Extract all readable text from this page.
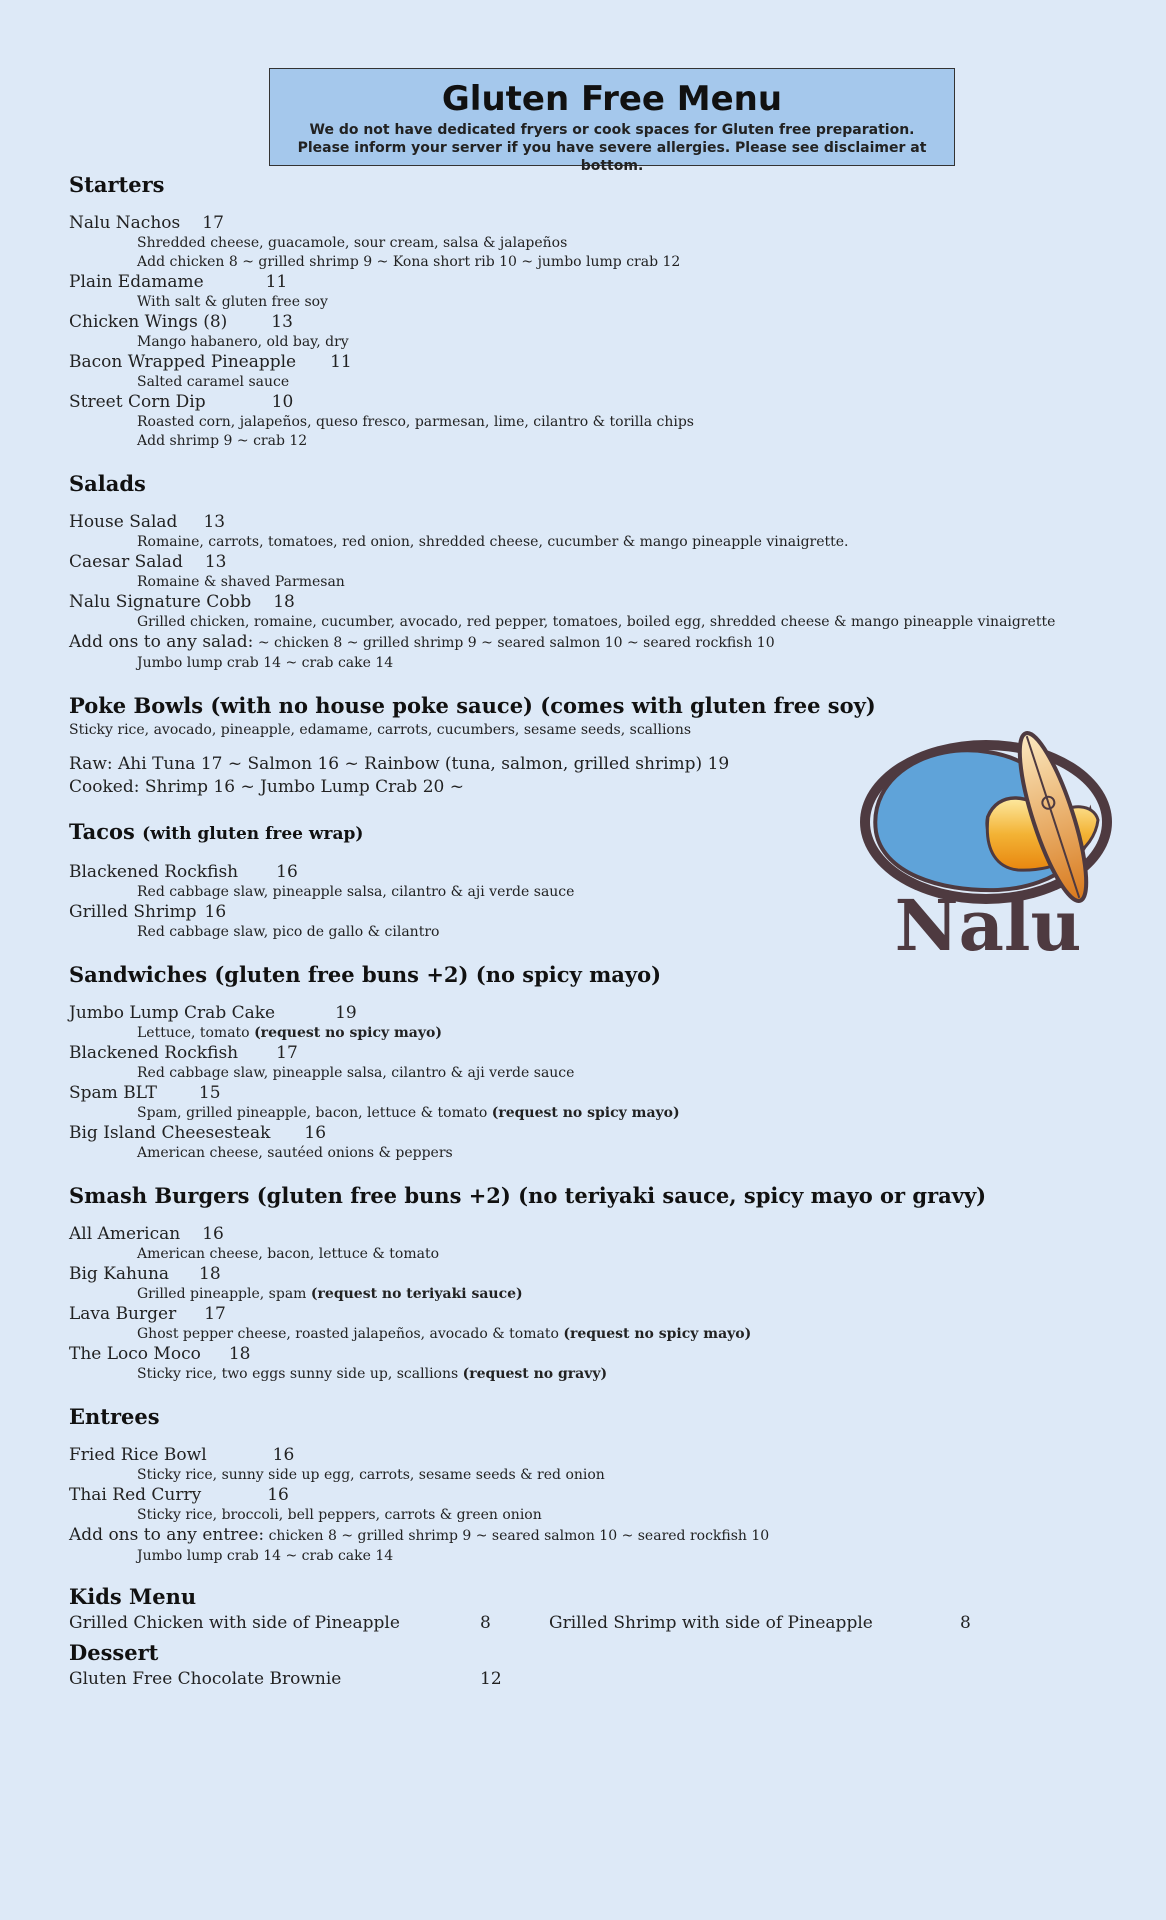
Gluten Free Menu
We do not have dedicated fryers or cook spaces for Gluten free preparation. Please inform your server if you have severe allergies. Please see disclaimer at bottom.
Starters
Nalu Nachos 17
Shredded cheese, guacamole, sour cream, salsa & jalapeños
Add chicken 8 ~ grilled shrimp 9 ~ Kona short rib 10 ~ jumbo lump crab 12
Plain Edamame	11
With salt & gluten free soy
Chicken Wings (8)	13
Mango habanero, old bay, dry
Bacon Wrapped Pineapple 11
Salted caramel sauce
Street Corn Dip	10
Roasted corn, jalapeños, queso fresco, parmesan, lime, cilantro & torilla chips
Add shrimp 9 ~ crab 12
Salads
House Salad 13
Romaine, carrots, tomatoes, red onion, shredded cheese, cucumber & mango pineapple vinaigrette.
Caesar Salad 13
Romaine & shaved Parmesan
Nalu Signature Cobb 18
Grilled chicken, romaine, cucumber, avocado, red pepper, tomatoes, boiled egg, shredded cheese & mango pineapple vinaigrette
Add ons to any salad: ~ chicken 8 ~ grilled shrimp 9 ~ seared salmon 10 ~ seared rockfish 10
Jumbo lump crab 14 ~ crab cake 14
Poke Bowls (with no house poke sauce) (comes with gluten free soy)
Sticky rice, avocado, pineapple, edamame, carrots, cucumbers, sesame seeds, scallions
Raw: Ahi Tuna 17 ~ Salmon 16 ~ Rainbow (tuna, salmon, grilled shrimp) 19
Cooked: Shrimp 16 ~ Jumbo Lump Crab 20 ~
Tacos (with gluten free wrap)
Blackened Rockfish 16
Red cabbage slaw, pineapple salsa, cilantro & aji verde sauce
Grilled Shrimp 16
Red cabbage slaw, pico de gallo & cilantro
Sandwiches (gluten free buns +2) (no spicy mayo)
Jumbo Lump Crab Cake	19
Lettuce, tomato (request no spicy mayo)
Blackened Rockfish 17
Red cabbage slaw, pineapple salsa, cilantro & aji verde sauce
Spam BLT 15
Spam, grilled pineapple, bacon, lettuce & tomato (request no spicy mayo)
Big Island Cheesesteak 16
American cheese, sautéed onions & peppers
Smash Burgers (gluten free buns +2) (no teriyaki sauce, spicy mayo or gravy)
All American 16
American cheese, bacon, lettuce & tomato
Big Kahuna 18
Grilled pineapple, spam (request no teriyaki sauce)
Lava Burger 17
Ghost pepper cheese, roasted jalapeños, avocado & tomato (request no spicy mayo)
The Loco Moco 18
Sticky rice, two eggs sunny side up, scallions (request no gravy)
Entrees
Fried Rice Bowl	16
Sticky rice, sunny side up egg, carrots, sesame seeds & red onion
Thai Red Curry	16
Sticky rice, broccoli, bell peppers, carrots & green onion
Add ons to any entree: chicken 8 ~ grilled shrimp 9 ~ seared salmon 10 ~ seared rockfish 10
Jumbo lump crab 14 ~ crab cake 14
Kids Menu
Grilled Chicken with side of Pineapple	8	Grilled Shrimp with side of Pineapple	8
Dessert
Gluten Free Chocolate Brownie	12
Nalu
